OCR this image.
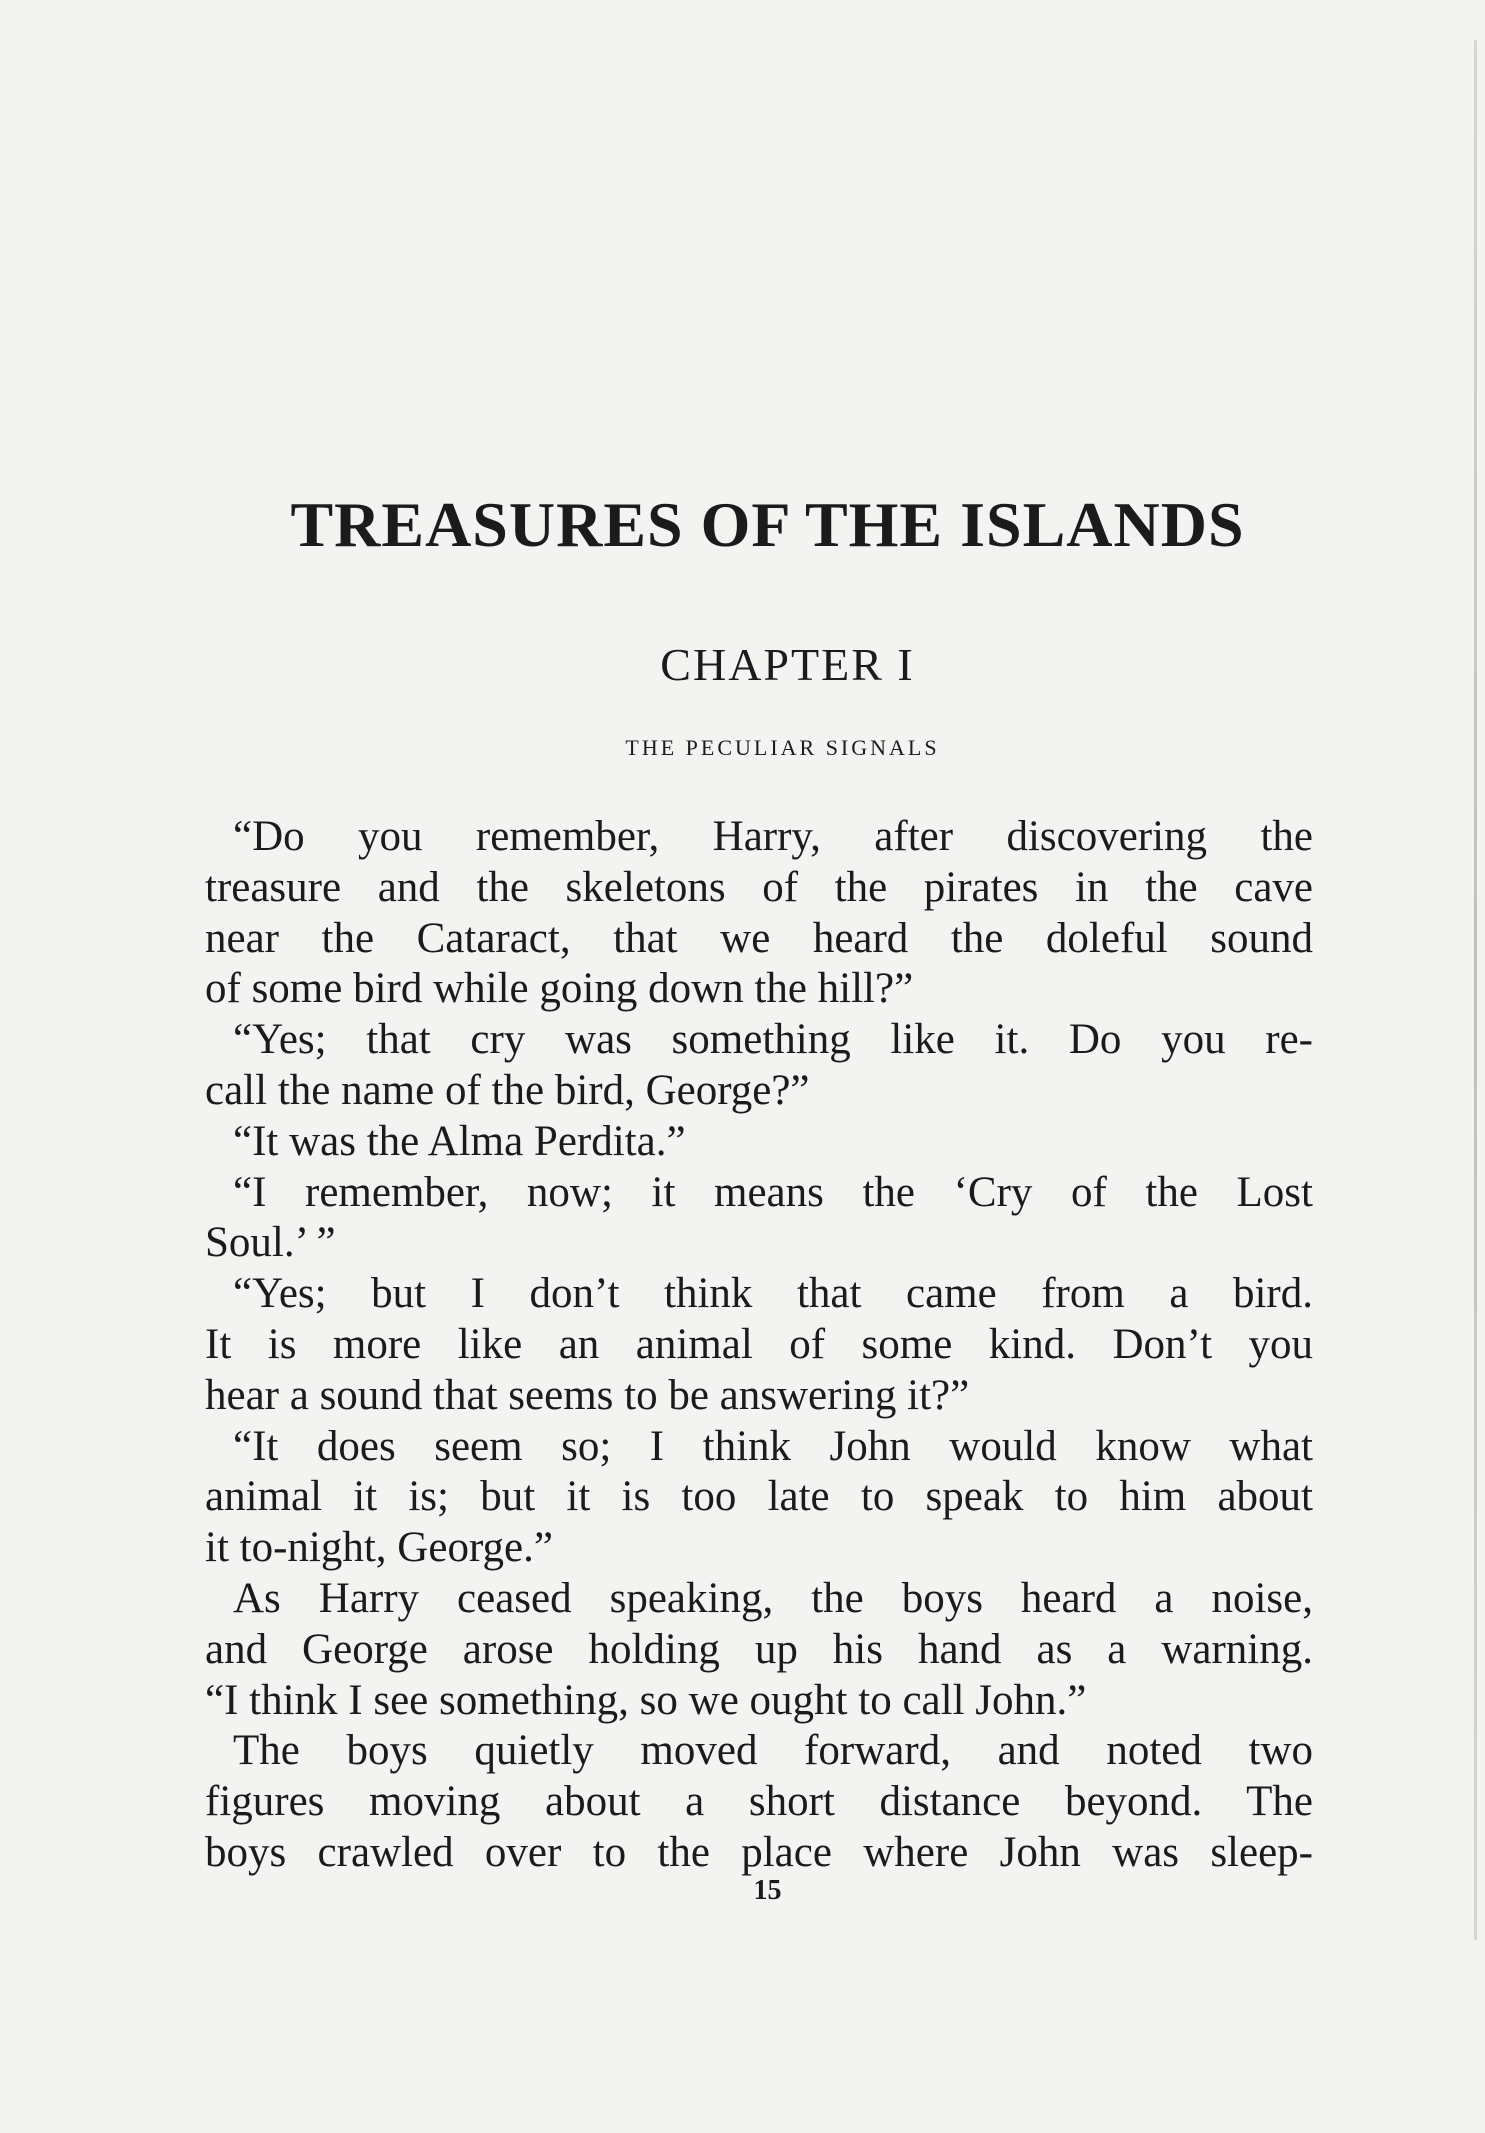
TREASURES OF THE ISLANDS
CHAPTER I
THE PECULIAR SIGNALS
“Do you remember, Harry, after discovering the
treasure and the skeletons of the pirates in the cave
near the Cataract, that we heard the doleful sound
of some bird while going down the hill?”
“Yes; that cry was something like it. Do you re-
call the name of the bird, George?”
“It was the Alma Perdita.”
“I remember, now; it means the ‘Cry of the Lost
Soul.’ ”
“Yes; but I don’t think that came from a bird.
It is more like an animal of some kind. Don’t you
hear a sound that seems to be answering it?”
“It does seem so; I think John would know what
animal it is; but it is too late to speak to him about
it to-night, George.”
As Harry ceased speaking, the boys heard a noise,
and George arose holding up his hand as a warning.
“I think I see something, so we ought to call John.”
The boys quietly moved forward, and noted two
figures moving about a short distance beyond. The
boys crawled over to the place where John was sleep-
15
